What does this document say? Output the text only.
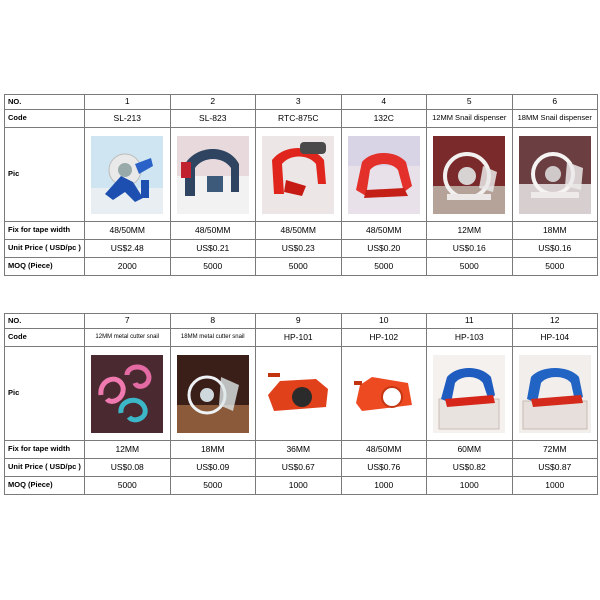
NO.	1	2	3	4	5	6
Code	SL-213	SL-823	RTC-875C	132C	12MM Snail dispenser	18MM Snail dispenser
Pic	

Fix for tape width	48/50MM	48/50MM	48/50MM	48/50MM	12MM	18MM
Unit Price ( USD/pc )	US$2.48	US$0.21	US$0.23	US$0.20	US$0.16	US$0.16
MOQ (Piece)	2000	5000	5000	5000	5000	5000
NO.	7	8	9	10	11	12
Code	12MM metal cutter snail	18MM metal cutter snail	HP-101	HP-102	HP-103	HP-104
Pic	

Fix for tape width	12MM	18MM	36MM	48/50MM	60MM	72MM
Unit Price ( USD/pc )	US$0.08	US$0.09	US$0.67	US$0.76	US$0.82	US$0.87
MOQ (Piece)	5000	5000	1000	1000	1000	1000
